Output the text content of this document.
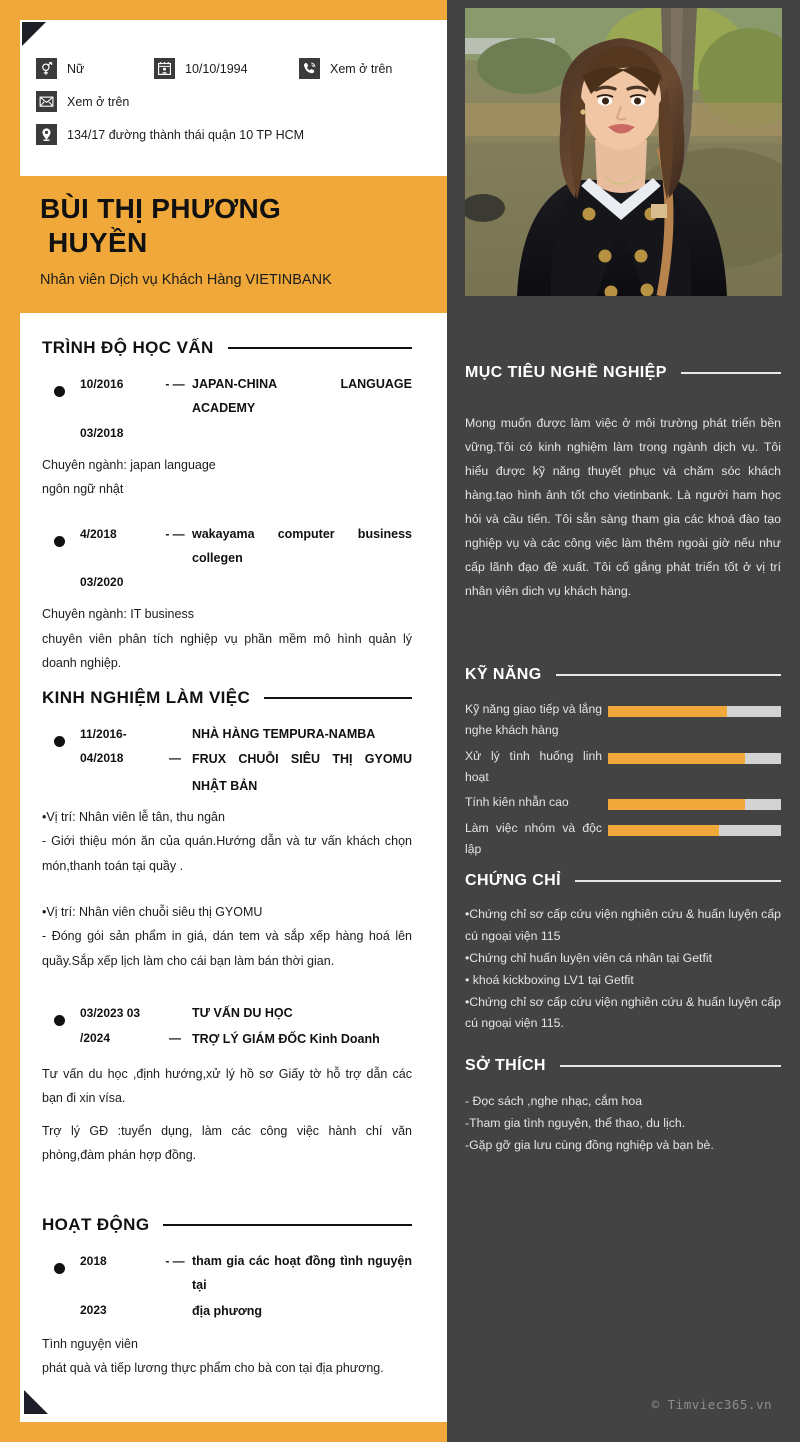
Nữ	10/10/1994	Xem ở trên
Xem ở trên
134/17 đường thành thái quận 10 TP HCM
BÙI THỊ PHƯƠNG
HUYỀN
Nhân viên Dịch vụ Khách Hàng VIETINBANK
TRÌNH ĐỘ HỌC VẤN
10/2016	- — JAPAN-CHINA LANGUAGE ACADEMY
03/2018
Chuyên ngành: japan language
ngôn ngữ nhật
4/2018	- — wakayama computer business collegen
03/2020
Chuyên ngành: IT business
chuyên viên phân tích nghiệp vụ phần mềm mô hình quản lý doanh nghiệp.
KINH NGHIỆM LÀM VIỆC
11/2016-	NHÀ HÀNG TEMPURA-NAMBA
04/2018	— FRUX CHUỖI SIÊU THỊ GYOMU NHẬT BẢN
•Vị trí: Nhân viên lễ tân, thu ngân
- Giới thiệu món ăn của quán.Hướng dẫn và tư vấn khách chọn món,thanh toán tại quầy .
•Vị trí: Nhân viên chuỗi siêu thị GYOMU
- Đóng gói sản phẩm in giá, dán tem và sắp xếp hàng hoá lên quầy.Sắp xếp lịch làm cho cái bạn làm bán thời gian.
03/2023 03	TƯ VẤN DU HỌC
/2024	— TRỢ LÝ GIÁM ĐỐC Kinh Doanh
Tư vấn du học ,định hướng,xử lý hồ sơ Giấy tờ hỗ trợ dẫn các bạn đi xin vísa.
Trợ lý GĐ :tuyển dụng, làm các công việc hành chí văn phòng,đàm phán hợp đồng.
HOẠT ĐỘNG
2018	- — tham gia các hoạt đồng tình nguyện tại
2023	địa phương
Tình nguyện viên
phát quà và tiếp lương thực phẩm cho bà con tại địa phương.
MỤC TIÊU NGHỀ NGHIỆP
Mong muốn được làm việc ở môi trường phát triển bền vững.Tôi có kinh nghiệm làm trong ngành dịch vụ. Tôi hiểu được kỹ năng thuyết phục và chăm sóc khách hàng.tạo hình ảnh tốt cho vietinbank. Là người ham học hỏi và cầu tiến. Tôi sẵn sàng tham gia các khoá đào tạo nghiệp vụ và các công việc làm thêm ngoài giờ nếu như cấp lãnh đạo đề xuất. Tôi cố gắng phát triển tốt ở vị trí nhân viên dich vụ khách hàng.
KỸ NĂNG
Kỹ năng giao tiếp và lắng nghe khách hàng
Xử lý tình huống linh hoạt
Tính kiên nhẫn cao
Làm việc nhóm và độc lập
CHỨNG CHỈ
•Chứng chỉ sơ cấp cứu viện nghiên cứu & huấn luyện cấp cú ngoại viện 115
•Chứng chỉ huấn luyện viên cá nhân tại Getfit
• khoá kickboxing LV1 tại Getfit
•Chứng chỉ sơ cấp cứu viện nghiên cứu & huấn luyện cấp cú ngoại viện 115.
SỞ THÍCH
- Đọc sách ,nghe nhạc, cắm hoa
-Tham gia tình nguyện, thể thao, du lịch.
-Gặp gỡ gia lưu cùng đồng nghiệp và bạn bè.
© Timviec365.vn
